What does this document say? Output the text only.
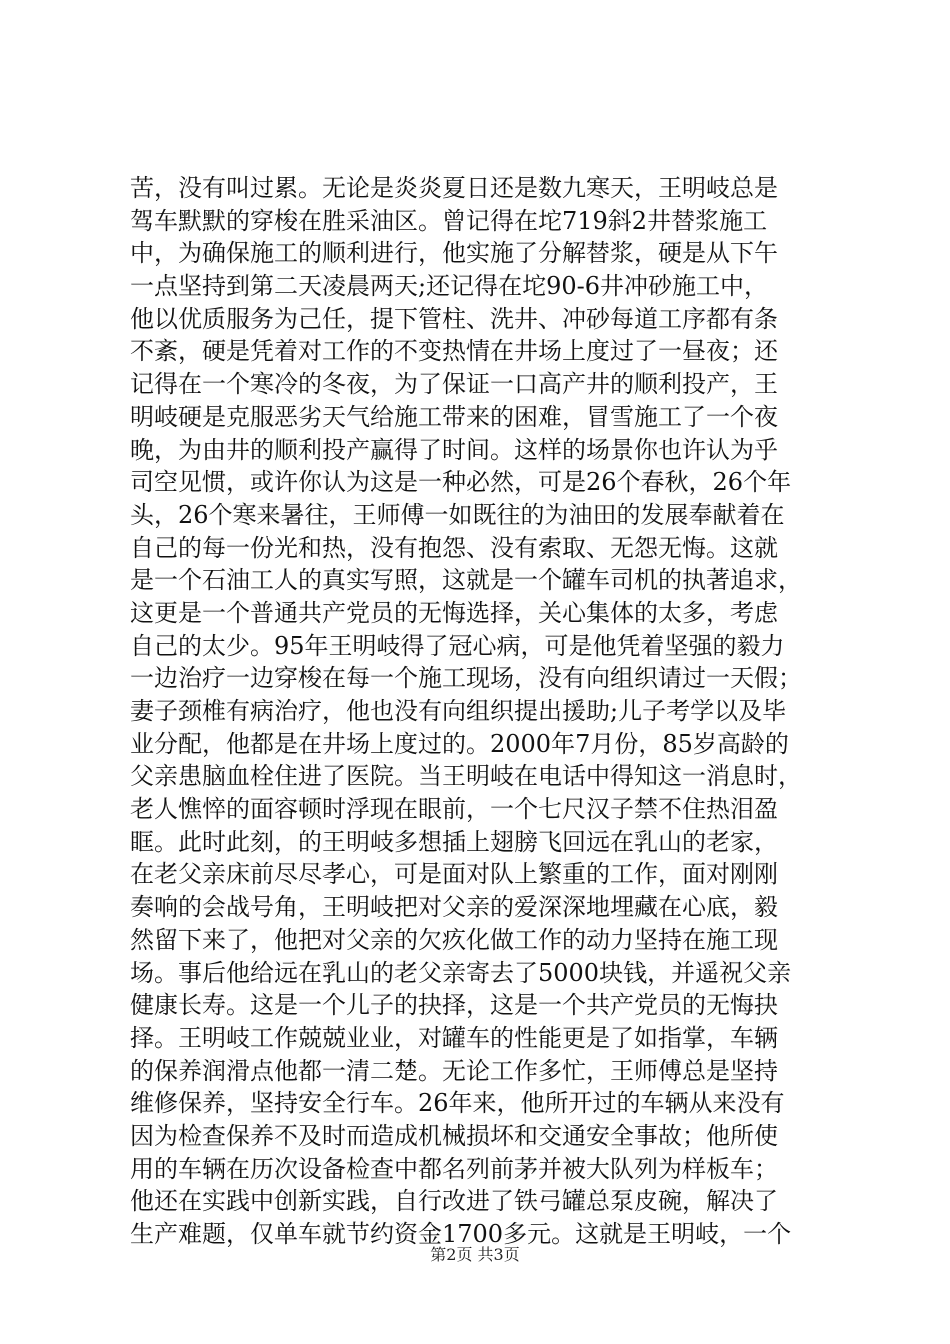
苦，没有叫过累。无论是炎炎夏日还是数九寒天，王明岐总是
驾车默默的穿梭在胜采油区。曾记得在坨719斜2井替浆施工
中，为确保施工的顺利进行，他实施了分解替浆，硬是从下午
一点坚持到第二天凌晨两天;还记得在坨90-6井冲砂施工中，
他以优质服务为己任，提下管柱、洗井、冲砂每道工序都有条
不紊，硬是凭着对工作的不变热情在井场上度过了一昼夜；还
记得在一个寒冷的冬夜，为了保证一口高产井的顺利投产，王
明岐硬是克服恶劣天气给施工带来的困难，冒雪施工了一个夜
晚，为由井的顺利投产赢得了时间。这样的场景你也许认为乎
司空见惯，或许你认为这是一种必然，可是26个春秋，26个年
头，26个寒来暑往，王师傅一如既往的为油田的发展奉献着在
自己的每一份光和热，没有抱怨、没有索取、无怨无悔。这就
是一个石油工人的真实写照，这就是一个罐车司机的执著追求，
这更是一个普通共产党员的无悔选择，关心集体的太多，考虑
自己的太少。95年王明岐得了冠心病，可是他凭着坚强的毅力
一边治疗一边穿梭在每一个施工现场，没有向组织请过一天假；
妻子颈椎有病治疗，他也没有向组织提出援助;儿子考学以及毕
业分配，他都是在井场上度过的。2000年7月份，85岁高龄的
父亲患脑血栓住进了医院。当王明岐在电话中得知这一消息时，
老人憔悴的面容顿时浮现在眼前，一个七尺汉子禁不住热泪盈
眶。此时此刻，的王明岐多想插上翅膀飞回远在乳山的老家，
在老父亲床前尽尽孝心，可是面对队上繁重的工作，面对刚刚
奏响的会战号角，王明岐把对父亲的爱深深地埋藏在心底，毅
然留下来了，他把对父亲的欠疚化做工作的动力坚持在施工现
场。事后他给远在乳山的老父亲寄去了5000块钱，并遥祝父亲
健康长寿。这是一个儿子的抉择，这是一个共产党员的无悔抉
择。王明岐工作兢兢业业，对罐车的性能更是了如指掌，车辆
的保养润滑点他都一清二楚。无论工作多忙，王师傅总是坚持
维修保养，坚持安全行车。26年来，他所开过的车辆从来没有
因为检查保养不及时而造成机械损坏和交通安全事故；他所使
用的车辆在历次设备检查中都名列前茅并被大队列为样板车；
他还在实践中创新实践，自行改进了铁弓罐总泵皮碗，解决了
生产难题，仅单车就节约资金1700多元。这就是王明岐，一个
第2页 共3页
